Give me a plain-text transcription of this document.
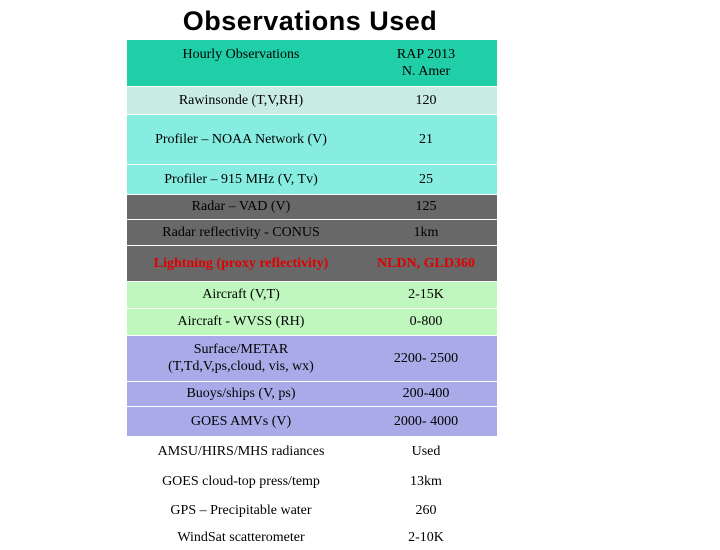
Observations Used
Hourly Observations	RAP 2013 N. Amer
Rawinsonde (T,V,RH)	120
Profiler – NOAA Network (V)	21
Profiler – 915 MHz (V, Tv)	25
Radar – VAD (V)	125
Radar reflectivity - CONUS	1km
Lightning (proxy reflectivity)	NLDN, GLD360
Aircraft (V,T)	2-15K
Aircraft - WVSS (RH)	0-800
Surface/METAR (T,Td,V,ps,cloud, vis, wx)	2200- 2500
Buoys/ships (V, ps)	200-400
GOES AMVs (V)	2000- 4000
AMSU/HIRS/MHS radiances	Used
GOES cloud-top press/temp	13km
GPS – Precipitable water	260
WindSat scatterometer	2-10K
